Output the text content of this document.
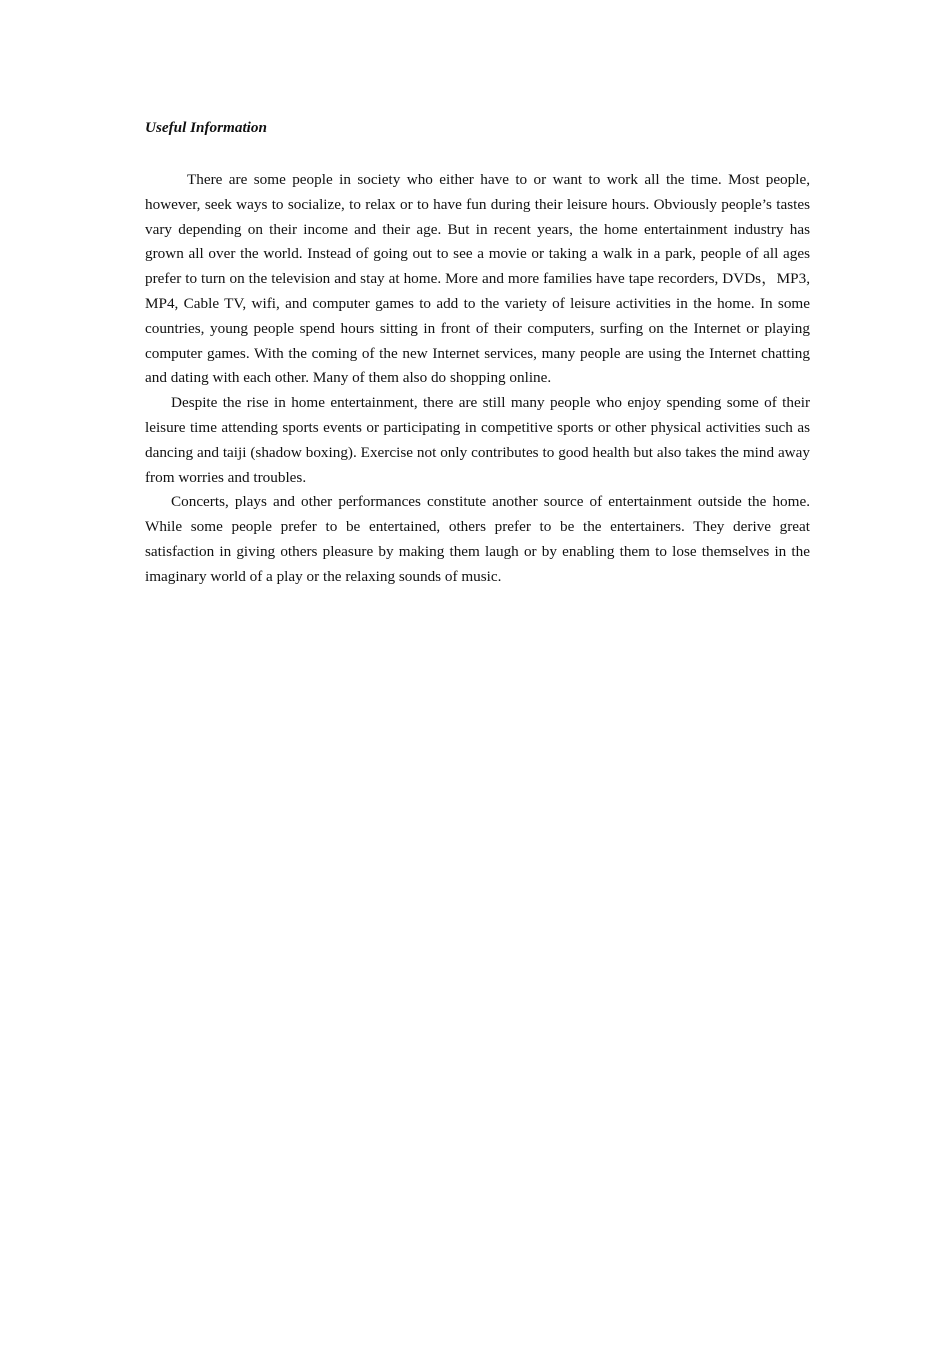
Useful Information

There are some people in society who either have to or want to work all the time. Most people, however, seek ways to socialize, to relax or to have fun during their leisure hours. Obviously people’s tastes vary depending on their income and their age. But in recent years, the home entertainment industry has grown all over the world. Instead of going out to see a movie or taking a walk in a park, people of all ages prefer to turn on the television and stay at home. More and more families have tape recorders, DVDs，MP3, MP4, Cable TV, wifi, and computer games to add to the variety of leisure activities in the home. In some countries, young people spend hours sitting in front of their computers, surfing on the Internet or playing computer games. With the coming of the new Internet services, many people are using the Internet chatting and dating with each other. Many of them also do shopping online.

Despite the rise in home entertainment, there are still many people who enjoy spending some of their leisure time attending sports events or participating in competitive sports or other physical activities such as dancing and taiji (shadow boxing). Exercise not only contributes to good health but also takes the mind away from worries and troubles.

Concerts, plays and other performances constitute another source of entertainment outside the home. While some people prefer to be entertained, others prefer to be the entertainers. They derive great satisfaction in giving others pleasure by making them laugh or by enabling them to lose themselves in the imaginary world of a play or the relaxing sounds of music.
